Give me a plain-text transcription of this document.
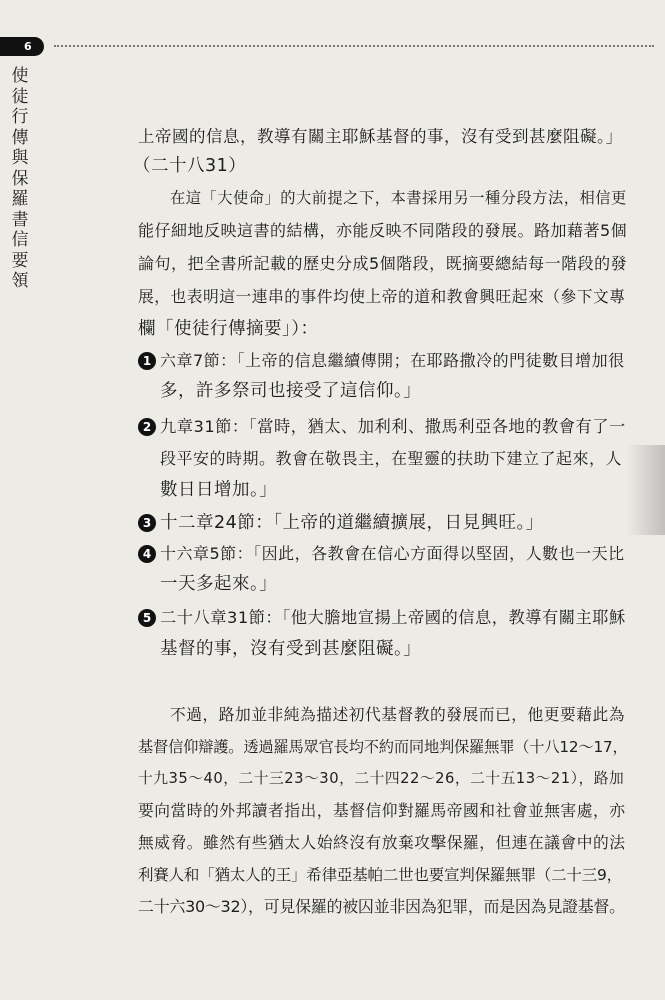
6
使
徒
行
傳
與
保
羅
書
信
要
領
上帝國的信息，教導有關主耶穌基督的事，沒有受到甚麼阻礙。」
（二十八31）
在這「大使命」的大前提之下，本書採用另一種分段方法，相信更
能仔細地反映這書的結構，亦能反映不同階段的發展。路加藉著5個
論句，把全書所記載的歷史分成5個階段，既摘要總結每一階段的發
展，也表明這一連串的事件均使上帝的道和教會興旺起來（參下文專
欄「使徒行傳摘要」）：
1 六章7節：「上帝的信息繼續傳開；在耶路撒冷的門徒數目增加很
多，許多祭司也接受了這信仰。」
2 九章31節：「當時，猶太、加利利、撒馬利亞各地的教會有了一
段平安的時期。教會在敬畏主，在聖靈的扶助下建立了起來，人
數日日增加。」
3 十二章24節：「上帝的道繼續擴展，日見興旺。」
4 十六章5節：「因此，各教會在信心方面得以堅固，人數也一天比
一天多起來。」
5 二十八章31節：「他大膽地宣揚上帝國的信息，教導有關主耶穌
基督的事，沒有受到甚麼阻礙。」
不過，路加並非純為描述初代基督教的發展而已，他更要藉此為
基督信仰辯護。透過羅馬眾官長均不約而同地判保羅無罪（十八12～17，
十九35～40，二十三23～30，二十四22～26，二十五13～21），路加
要向當時的外邦讀者指出，基督信仰對羅馬帝國和社會並無害處，亦
無威脅。雖然有些猶太人始終沒有放棄攻擊保羅，但連在議會中的法
利賽人和「猶太人的王」希律亞基帕二世也要宣判保羅無罪（二十三9，
二十六30～32），可見保羅的被囚並非因為犯罪，而是因為見證基督。
